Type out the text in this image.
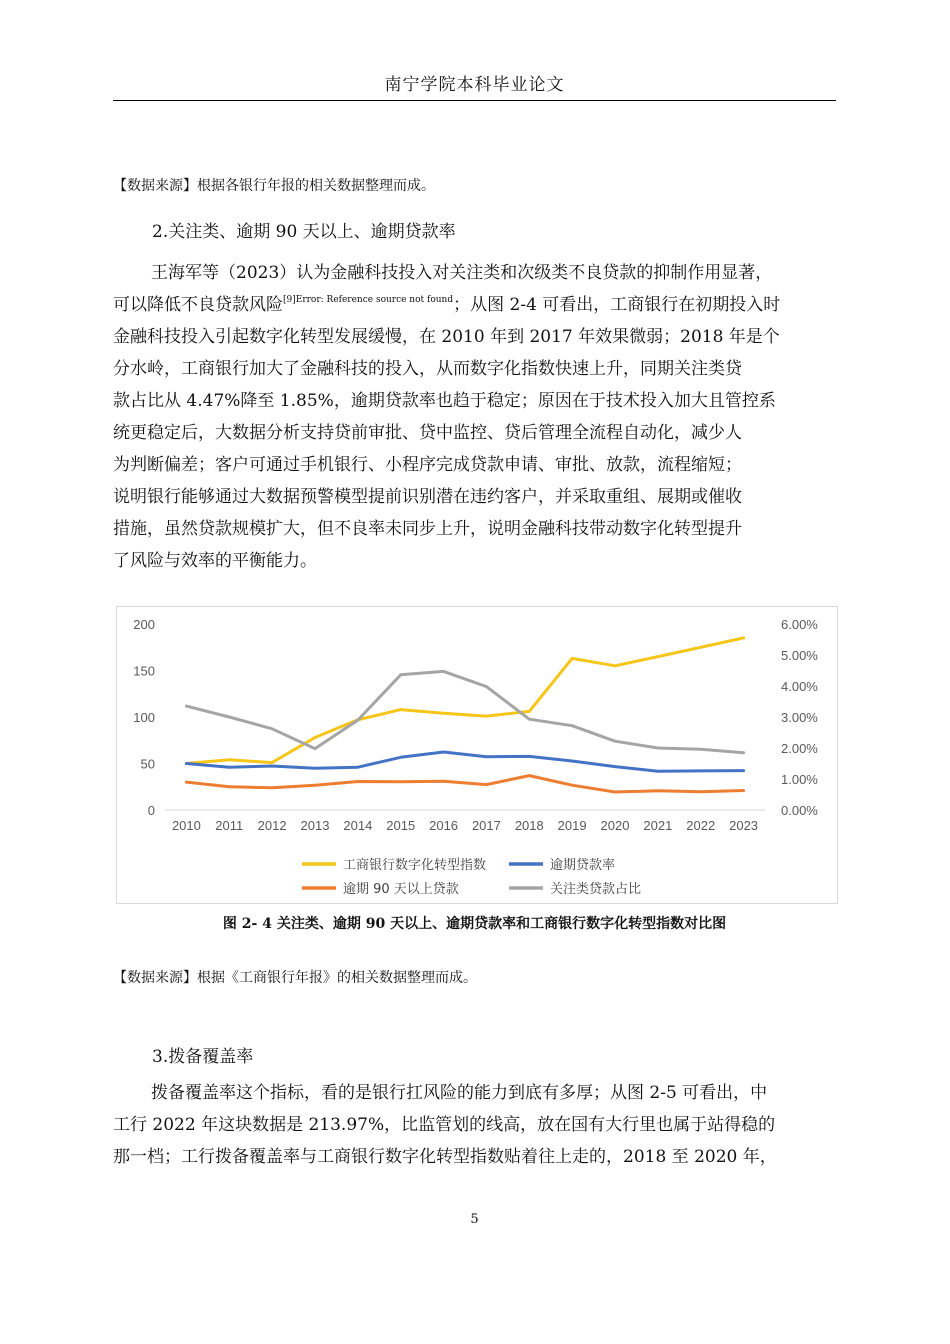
南宁学院本科毕业论文
【数据来源】根据各银行年报的相关数据整理而成。
2.关注类、逾期 90 天以上、逾期贷款率
王海军等（2023）认为金融科技投入对关注类和次级类不良贷款的抑制作用显著，
可以降低不良贷款风险$^{[9]Error: Reference source not found}$；从图 2-4 可看出，工商银行在初期投入时
金融科技投入引起数字化转型发展缓慢，在 2010 年到 2017 年效果微弱；2018 年是个
分水岭，工商银行加大了金融科技的投入，从而数字化指数快速上升，同期关注类贷
款占比从 4.47%降至 1.85%，逾期贷款率也趋于稳定；原因在于技术投入加大且管控系
统更稳定后，大数据分析支持贷前审批、贷中监控、贷后管理全流程自动化，减少人
为判断偏差；客户可通过手机银行、小程序完成贷款申请、审批、放款，流程缩短；
说明银行能够通过大数据预警模型提前识别潜在违约客户，并采取重组、展期或催收
措施，虽然贷款规模扩大，但不良率未同步上升，说明金融科技带动数字化转型提升
了风险与效率的平衡能力。
0
50
100
150
200
0.00%
1.00%
2.00%
3.00%
4.00%
5.00%
6.00%
2010 2011 2012 2013 2014 2015 2016 2017 2018 2019 2020 2021 2022 2023
工商银行数字化转型指数	逾期贷款率
逾期 90 天以上贷款	关注类贷款占比
图 2- 4 关注类、逾期 90 天以上、逾期贷款率和工商银行数字化转型指数对比图
【数据来源】根据《工商银行年报》的相关数据整理而成。
3.拨备覆盖率
拨备覆盖率这个指标，看的是银行扛风险的能力到底有多厚；从图 2-5 可看出，中
工行 2022 年这块数据是 213.97%，比监管划的线高，放在国有大行里也属于站得稳的
那一档；工行拨备覆盖率与工商银行数字化转型指数贴着往上走的，2018 至 2020 年，
5
